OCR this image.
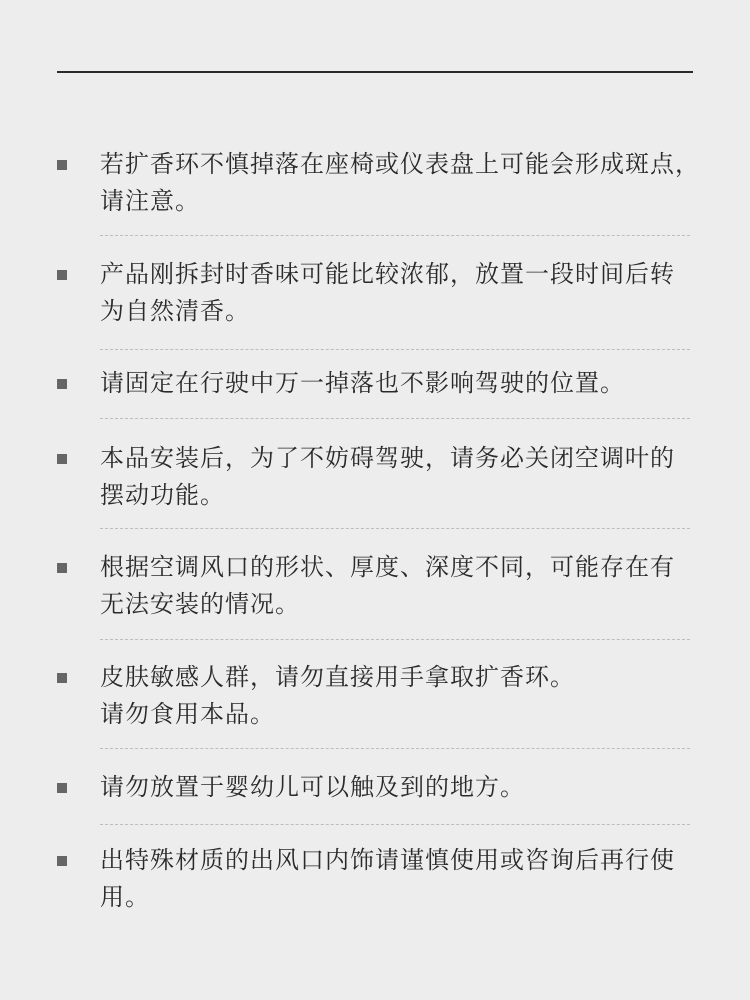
若扩香环不慎掉落在座椅或仪表盘上可能会形成斑点，
请注意。
产品刚拆封时香味可能比较浓郁，放置一段时间后转
为自然清香。
请固定在行驶中万一掉落也不影响驾驶的位置。
本品安装后，为了不妨碍驾驶，请务必关闭空调叶的
摆动功能。
根据空调风口的形状、厚度、深度不同，可能存在有
无法安装的情况。
皮肤敏感人群，请勿直接用手拿取扩香环。
请勿食用本品。
请勿放置于婴幼儿可以触及到的地方。
出特殊材质的出风口内饰请谨慎使用或咨询后再行使
用。
